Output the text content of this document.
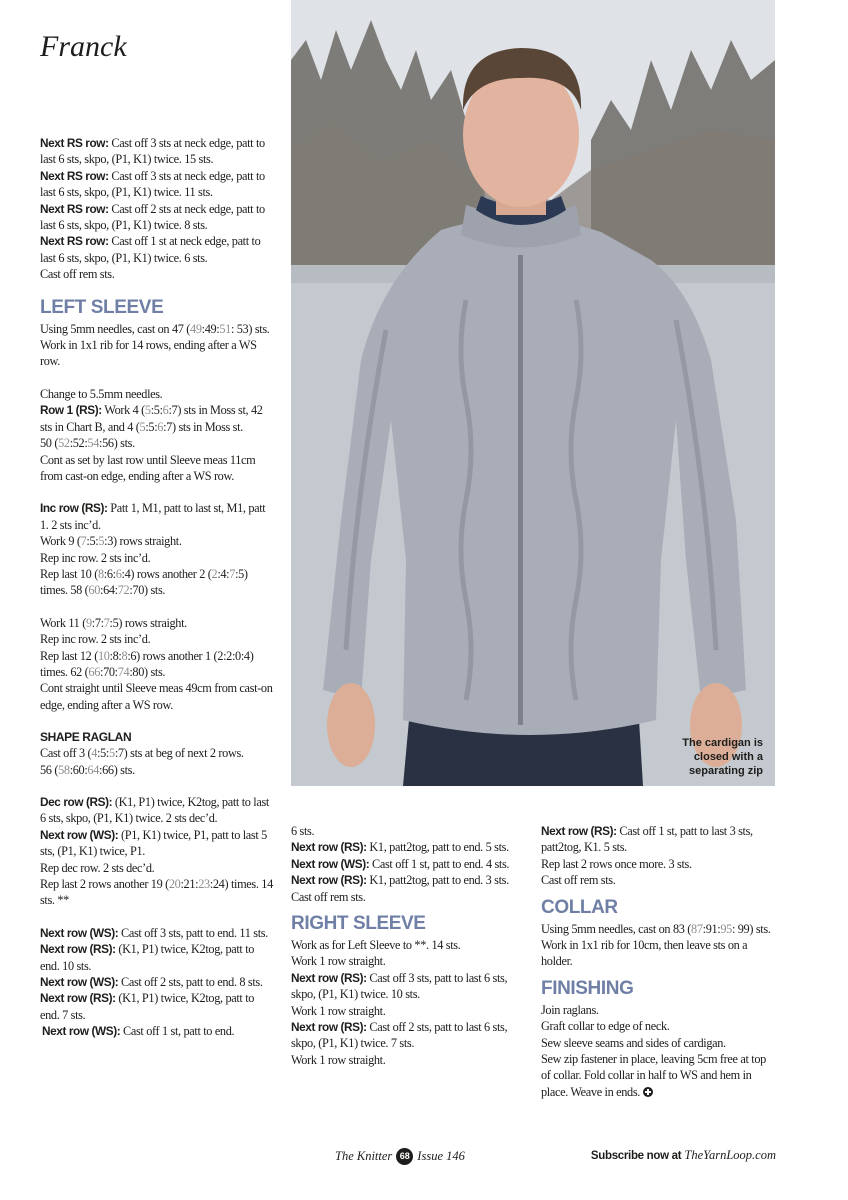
Franck

Next RS row: Cast off 3 sts at neck edge, patt to last 6 sts, skpo, (P1, K1) twice. 15 sts.

Next RS row: Cast off 3 sts at neck edge, patt to last 6 sts, skpo, (P1, K1) twice. 11 sts.

Next RS row: Cast off 2 sts at neck edge, patt to last 6 sts, skpo, (P1, K1) twice. 8 sts.

Next RS row: Cast off 1 st at neck edge, patt to last 6 sts, skpo, (P1, K1) twice. 6 sts.

Cast off rem sts.

LEFT SLEEVE

Using 5mm needles, cast on 47 (49:49:51: 53) sts.

Work in 1x1 rib for 14 rows, ending after a WS row.

Change to 5.5mm needles.

Row 1 (RS): Work 4 (5:5:6:7) sts in Moss st, 42 sts in Chart B, and 4 (5:5:6:7) sts in Moss st.

50 (52:52:54:56) sts.

Cont as set by last row until Sleeve meas 11cm from cast-on edge, ending after a WS row.

Inc row (RS): Patt 1, M1, patt to last st, M1, patt 1. 2 sts inc’d.

Work 9 (7:5:5:3) rows straight.

Rep inc row. 2 sts inc’d.

Rep last 10 (8:6:6:4) rows another 2 (2:4:7:5) times. 58 (60:64:72:70) sts.

Work 11 (9:7:7:5) rows straight.

Rep inc row. 2 sts inc’d.

Rep last 12 (10:8:8:6) rows another 1 (2:2:0:4) times. 62 (66:70:74:80) sts.

Cont straight until Sleeve meas 49cm from cast-on edge, ending after a WS row.

SHAPE RAGLAN

Cast off 3 (4:5:5:7) sts at beg of next 2 rows.

56 (58:60:64:66) sts.

Dec row (RS): (K1, P1) twice, K2tog, patt to last 6 sts, skpo, (P1, K1) twice. 2 sts dec’d.

Next row (WS): (P1, K1) twice, P1, patt to last 5 sts, (P1, K1) twice, P1.

Rep dec row. 2 sts dec’d.

Rep last 2 rows another 19 (20:21:23:24) times. 14 sts. **

Next row (WS): Cast off 3 sts, patt to end. 11 sts.

Next row (RS): (K1, P1) twice, K2tog, patt to end. 10 sts.

Next row (WS): Cast off 2 sts, patt to end. 8 sts.

Next row (RS): (K1, P1) twice, K2tog, patt to end. 7 sts.

Next row (WS): Cast off 1 st, patt to end.

The cardigan is
closed with a
separating zip

6 sts.

Next row (RS): K1, patt2tog, patt to end. 5 sts.

Next row (WS): Cast off 1 st, patt to end. 4 sts.

Next row (RS): K1, patt2tog, patt to end. 3 sts.

Cast off rem sts.

RIGHT SLEEVE

Work as for Left Sleeve to **. 14 sts.

Work 1 row straight.

Next row (RS): Cast off 3 sts, patt to last 6 sts, skpo, (P1, K1) twice. 10 sts.

Work 1 row straight.

Next row (RS): Cast off 2 sts, patt to last 6 sts, skpo, (P1, K1) twice. 7 sts.

Work 1 row straight.

Next row (RS): Cast off 1 st, patt to last 3 sts, patt2tog, K1. 5 sts.

Rep last 2 rows once more. 3 sts.

Cast off rem sts.

COLLAR

Using 5mm needles, cast on 83 (87:91:95: 99) sts.

Work in 1x1 rib for 10cm, then leave sts on a holder.

FINISHING

Join raglans.

Graft collar to edge of neck.

Sew sleeve seams and sides of cardigan.

Sew zip fastener in place, leaving 5cm free at top of collar. Fold collar in half to WS and hem in place. Weave in ends.

The Knitter 68 Issue 146	Subscribe now at TheYarnLoop.com
